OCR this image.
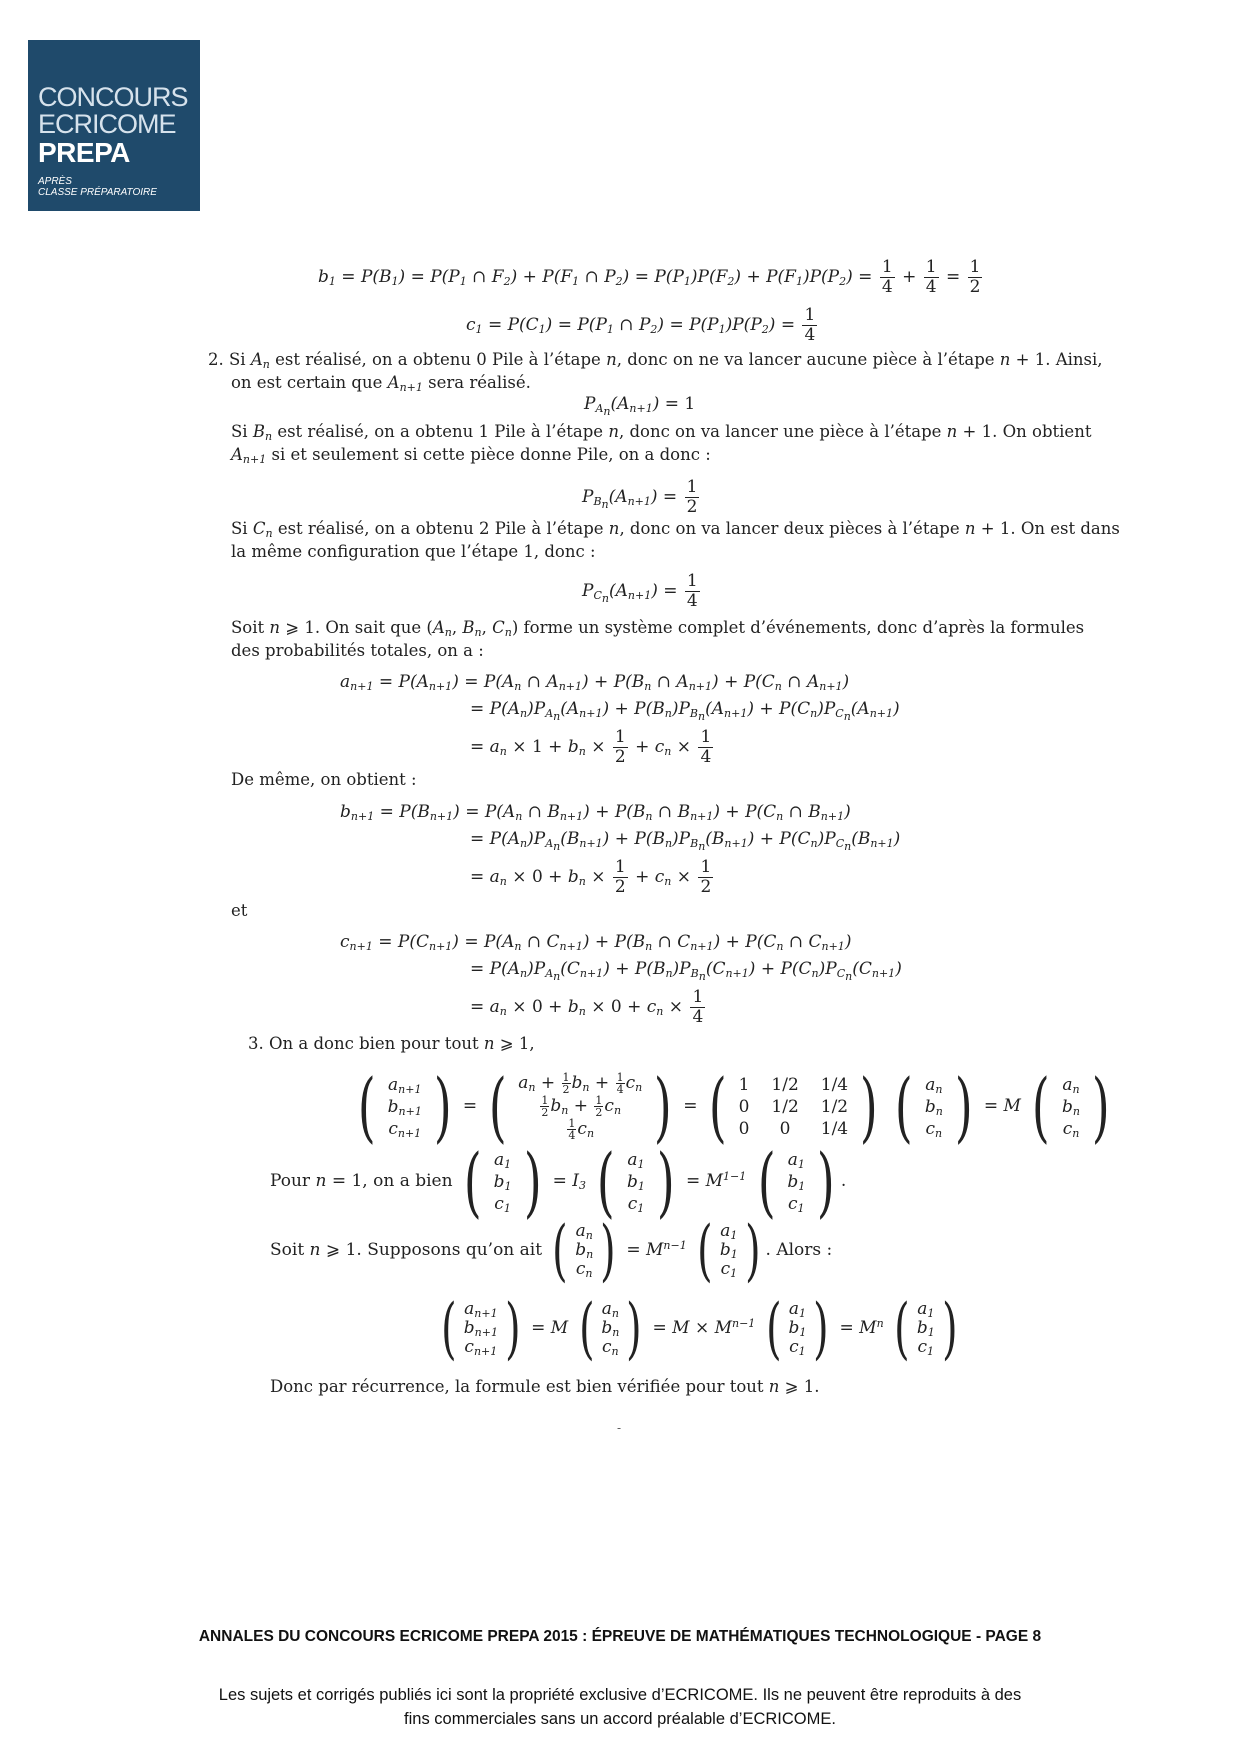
CONCOURS
ECRICOME
PREPA
APRÈS
CLASSE PRÉPARATOIRE
$b_1 = P(B_1) = P(P_1$ ∩ $F_2) + P(F_1$ ∩ $P_2) = P(P_1)P(F_2) + P(F_1)P(P_2) = \frac{1}{4} + \frac{1}{4} = \frac{1}{2}$
$c_1 = P(C_1) = P(P_1$ ∩ $P_2) = P(P_1)P(P_2) = \frac{1}{4}$
2. Si $A_n$ est réalisé, on a obtenu 0 Pile à l’étape n, donc on ne va lancer aucune pièce à l’étape n + 1. Ainsi,
on est certain que $A_{n+1}$ sera réalisé.
$P_{A_n}(A_{n+1}) = 1$
Si $B_n$ est réalisé, on a obtenu 1 Pile à l’étape n, donc on va lancer une pièce à l’étape n + 1. On obtient
$A_{n+1}$ si et seulement si cette pièce donne Pile, on a donc :
$P_{B_n}(A_{n+1}) = \frac{1}{2}$
Si $C_n$ est réalisé, on a obtenu 2 Pile à l’étape n, donc on va lancer deux pièces à l’étape n + 1. On est dans
la même configuration que l’étape 1, donc :
$P_{C_n}(A_{n+1}) = \frac{1}{4}$
Soit n ⩾ 1. On sait que ($A_n$, $B_n$, $C_n$) forme un système complet d’événements, donc d’après la formules
des probabilités totales, on a :
$a_{n+1} = P(A_{n+1}) = P(A_n$ ∩ $A_{n+1}) + P(B_n$ ∩ $A_{n+1}) + P(C_n$ ∩ $A_{n+1}$)
= $P(A_n)P_{A_n}(A_{n+1}) + P(B_n)P_{B_n}(A_{n+1}) + P(C_n)P_{C_n}(A_{n+1})$
= $a_n \times 1 + b_n \times \frac{1}{2} + c_n \times \frac{1}{4}$
De même, on obtient :
$b_{n+1} = P(B_{n+1}) = P(A_n$ ∩ $B_{n+1}) + P(B_n$ ∩ $B_{n+1}) + P(C_n$ ∩ $B_{n+1}$)
= $P(A_n)P_{A_n}(B_{n+1}) + P(B_n)P_{B_n}(B_{n+1}) + P(C_n)P_{C_n}(B_{n+1})$
= $a_n \times 0 + b_n \times \frac{1}{2} + c_n \times \frac{1}{2}$
et
$c_{n+1} = P(C_{n+1}) = P(A_n$ ∩ $C_{n+1}) + P(B_n$ ∩ $C_{n+1}) + P(C_n$ ∩ $C_{n+1}$)
= $P(A_n)P_{A_n}(C_{n+1}) + P(B_n)P_{B_n}(C_{n+1}) + P(C_n)P_{C_n}(C_{n+1})$
= $a_n \times 0 + b_n \times 0 + c_n \times \frac{1}{4}$
3. On a donc bien pour tout n ⩾ 1,
( $a_{n+1}$
$b_{n+1}$
$c_{n+1}$ ) = ( $a_n + \frac{1}{2} b_n + \frac{1}{4} c_n$
$\frac{1}{2} b_n + \frac{1}{2} c_n$
$\frac{1}{4} c_n$ ) = ( 1 1/2 1/4
0 1/2 1/2
0	0	1/4 )
( $a_n$
$b_n$
$c_n$ ) = M ( $a_n$
$b_n$
$c_n$ )
Pour n = 1, on a bien ( $a_1$
$b_1$
$c_1$ ) = $I_3$ ( $a_1$
$b_1$
$c_1$ ) = $M^{1-1}$ ( $a_1$
$b_1$
$c_1$ ) .
Soit n ⩾ 1. Supposons qu’on ait ( $a_n$
$b_n$
$c_n$ ) = $M^{n-1}$ ( $a_1$
$b_1$
$c_1$ ) . Alors :
( $a_{n+1}$
$b_{n+1}$
$c_{n+1}$ ) = M ( $a_n$
$b_n$
$c_n$ ) = $M \times M^{n-1}$ ( $a_1$
$b_1$
$c_1$ ) = $M^n$ ( $a_1$
$b_1$
$c_1$ )
Donc par récurrence, la formule est bien vérifiée pour tout n ⩾ 1.
-
ANNALES DU CONCOURS ECRICOME PREPA 2015 : ÉPREUVE DE MATHÉMATIQUES TECHNOLOGIQUE - PAGE 8
Les sujets et corrigés publiés ici sont la propriété exclusive d’ECRICOME. Ils ne peuvent être reproduits à des
fins commerciales sans un accord préalable d’ECRICOME.
